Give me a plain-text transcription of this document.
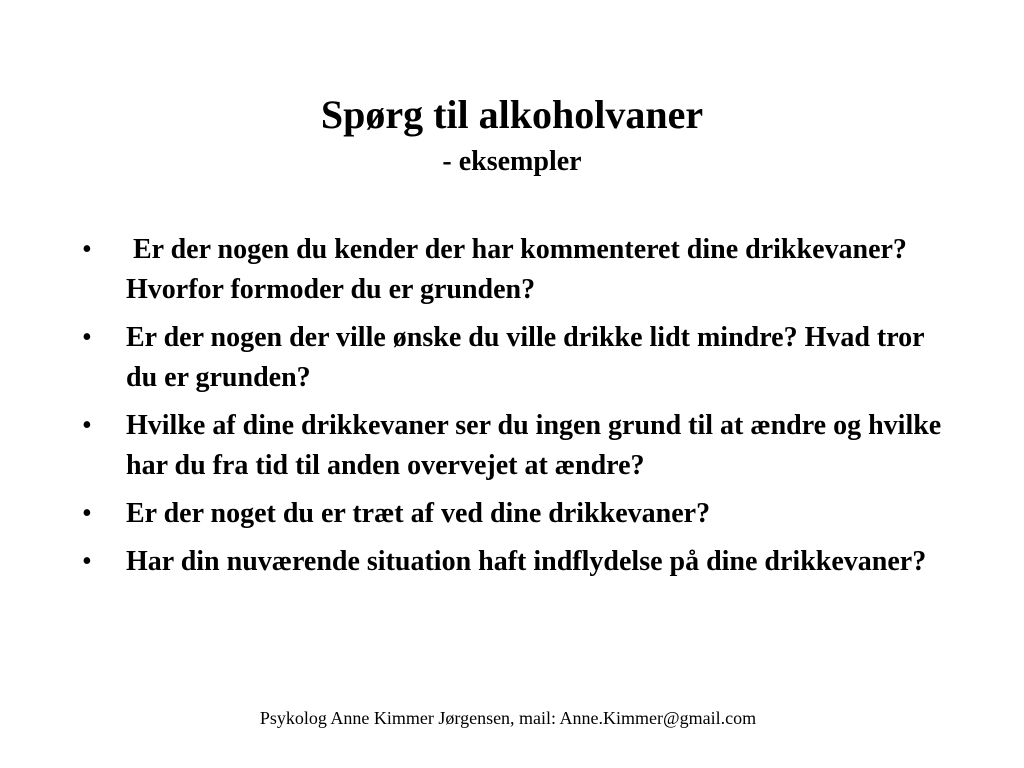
Spørg til alkoholvaner
- eksempler
•	Er der nogen du kender der har kommenteret dine drikkevaner? Hvorfor formoder du er grunden?
•	Er der nogen der ville ønske du ville drikke lidt mindre? Hvad tror du er grunden?
•	Hvilke af dine drikkevaner ser du ingen grund til at ændre og hvilke har du fra tid til anden overvejet at ændre?
•	Er der noget du er træt af ved dine drikkevaner?
•	Har din nuværende situation haft indflydelse på dine drikkevaner?
Psykolog Anne Kimmer Jørgensen, mail: Anne.Kimmer@gmail.com
